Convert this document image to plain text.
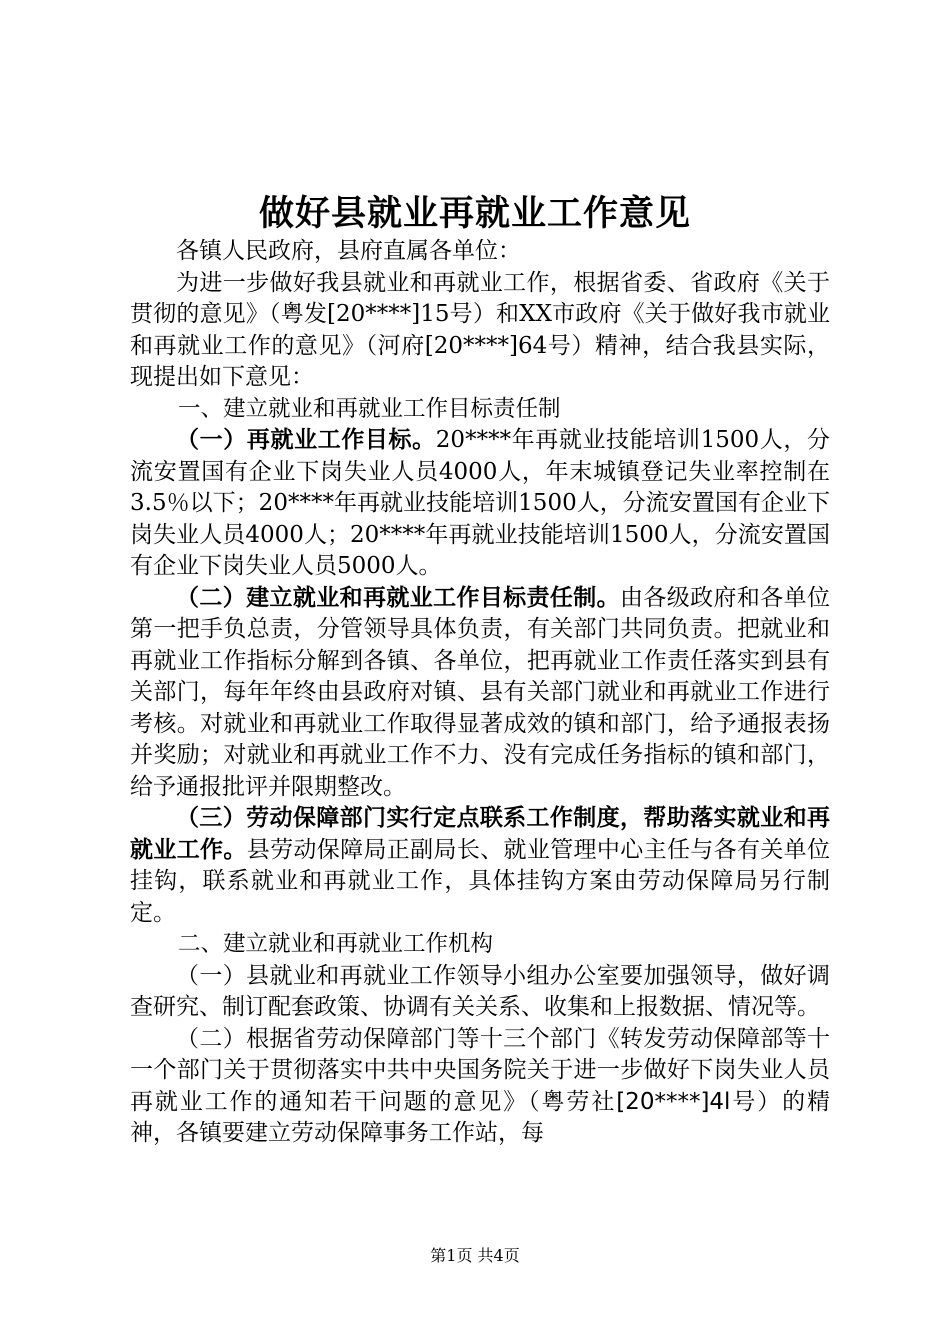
做好县就业再就业工作意见

各镇人民政府，县府直属各单位：

为进一步做好我县就业和再就业工作，根据省委、省政府《关于贯彻的意见》（粤发[20****]15号）和XX市政府《关于做好我市就业和再就业工作的意见》（河府[20****]64号）精神，结合我县实际，现提出如下意见：

一、建立就业和再就业工作目标责任制

（一）再就业工作目标。20****年再就业技能培训1500人，分流安置国有企业下岗失业人员4000人，年末城镇登记失业率控制在3.5％以下；20****年再就业技能培训1500人，分流安置国有企业下岗失业人员4000人；20****年再就业技能培训1500人，分流安置国有企业下岗失业人员5000人。

（二）建立就业和再就业工作目标责任制。由各级政府和各单位第一把手负总责，分管领导具体负责，有关部门共同负责。把就业和再就业工作指标分解到各镇、各单位，把再就业工作责任落实到县有关部门，每年年终由县政府对镇、县有关部门就业和再就业工作进行考核。对就业和再就业工作取得显著成效的镇和部门，给予通报表扬并奖励；对就业和再就业工作不力、没有完成任务指标的镇和部门，给予通报批评并限期整改。

（三）劳动保障部门实行定点联系工作制度，帮助落实就业和再就业工作。县劳动保障局正副局长、就业管理中心主任与各有关单位挂钩，联系就业和再就业工作，具体挂钩方案由劳动保障局另行制定。

二、建立就业和再就业工作机构

（一）县就业和再就业工作领导小组办公室要加强领导，做好调查研究、制订配套政策、协调有关关系、收集和上报数据、情况等。

（二）根据省劳动保障部门等十三个部门《转发劳动保障部等十一个部门关于贯彻落实中共中央国务院关于进一步做好下岗失业人员再就业工作的通知若干问题的意见》（粤劳社[20****]4l号）的精神，各镇要建立劳动保障事务工作站，每

第1页 共4页
